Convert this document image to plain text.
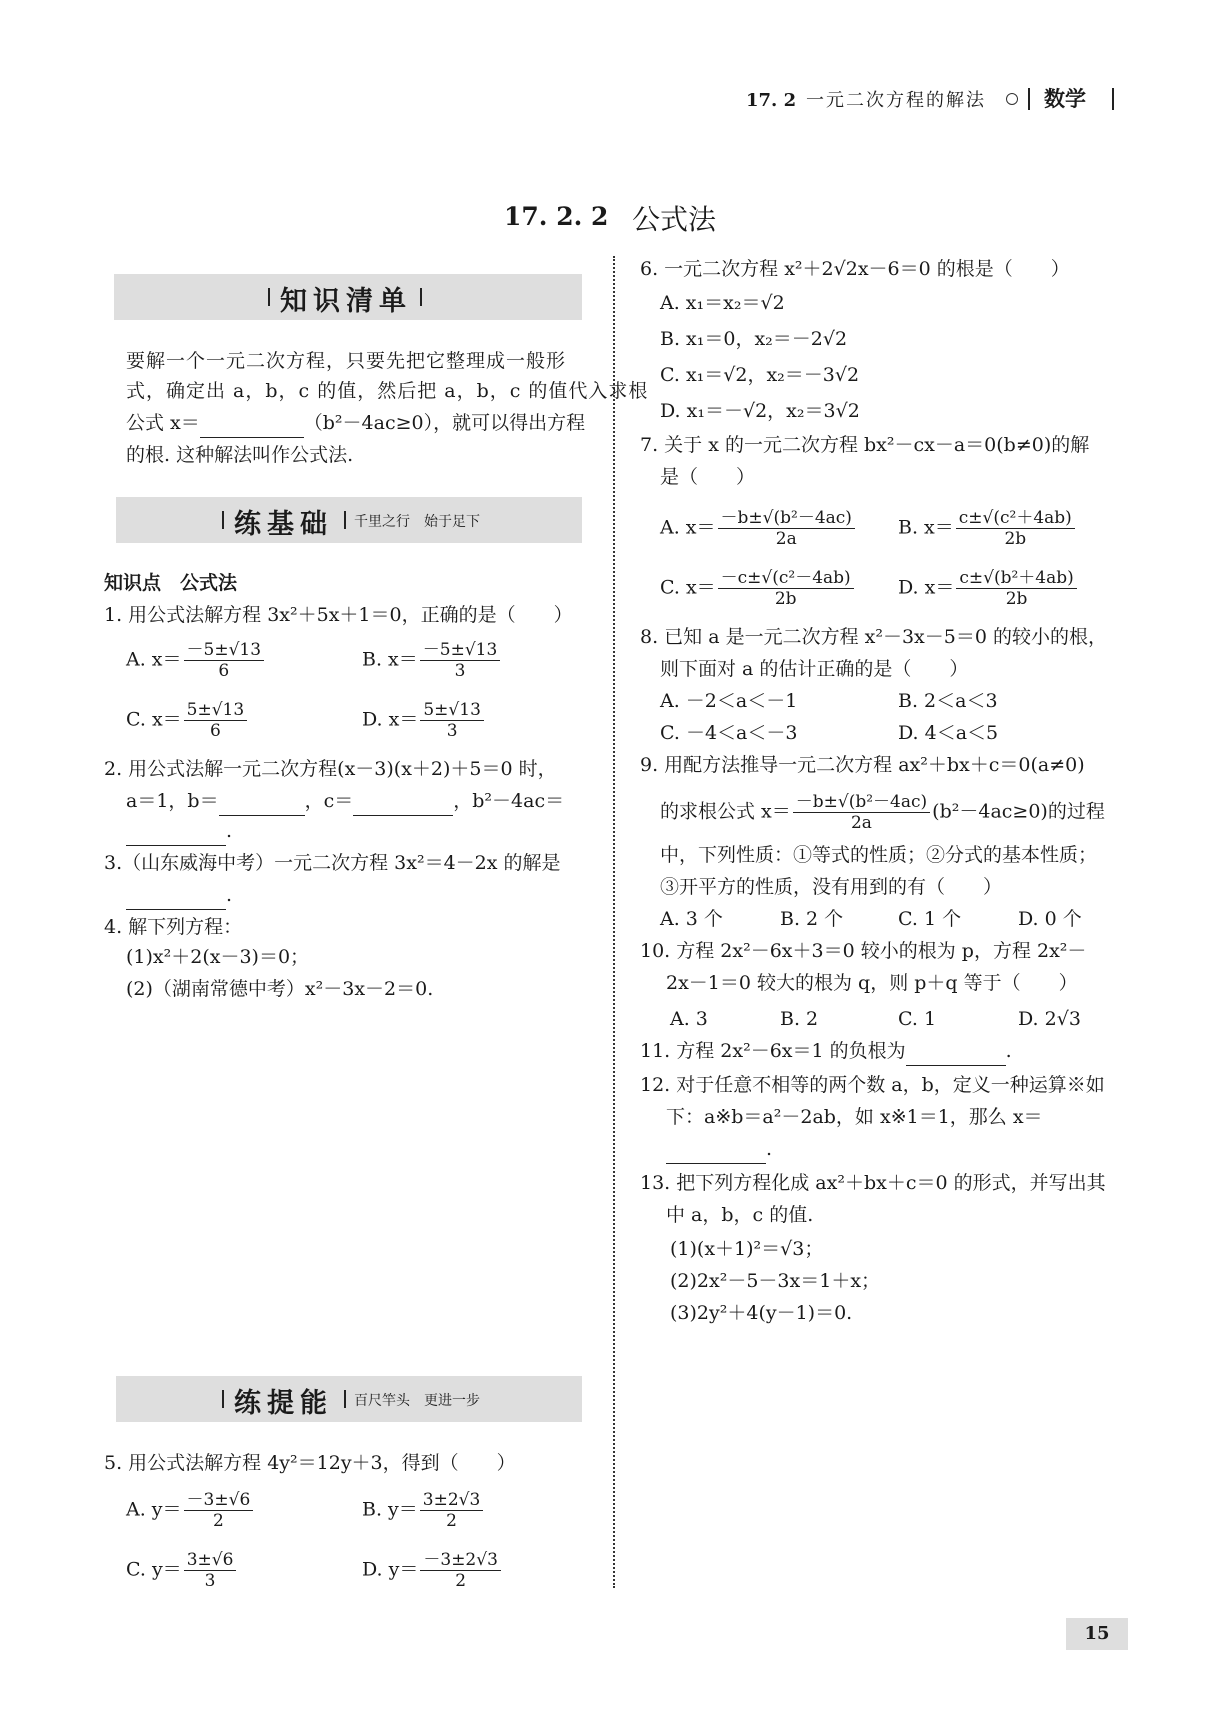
17. 2 一元二次方程的解法	数学
17. 2. 2 公式法
知识清单
要解一个一元二次方程，只要先把它整理成一般形
式，确定出 a，b，c 的值，然后把 a，b，c 的值代入求根
公式 x＝	（b²－4ac≥0），就可以得出方程
的根. 这种解法叫作公式法.
练基础 千里之行　始于足下
知识点　公式法
1. 用公式法解方程 3x²＋5x＋1＝0，正确的是（　　）
A. $x= \frac{-5\pm√13}{6}$	B. $x= \frac{-5\pm√13}{3}$
C. $x= \frac{5\pm√13}{6}$	D. $x= \frac{5\pm√13}{3}$
2. 用公式法解一元二次方程(x－3)(x＋2)＋5＝0 时，
a＝1，b＝	，c＝	，b²－4ac＝
.
3.（山东威海中考）一元二次方程 3x²＝4－2x 的解是
.
4. 解下列方程：
(1)x²＋2(x－3)＝0；
(2)（湖南常德中考）x²－3x－2＝0.
练提能 百尺竿头　更进一步
5. 用公式法解方程 4y²＝12y＋3，得到（　　）
A. $y= \frac{-3\pm√6}{2}$	B. $y= \frac{3\pm 2√3}{2}$
C. $y= \frac{3\pm√6}{3}$	D. $y= \frac{-3\pm 2√3}{2}$
6. 一元二次方程 x²＋2√2x－6＝0 的根是（　　）
A. x₁＝x₂＝√2
B. x₁＝0，x₂＝－2√2
C. x₁＝√2，x₂＝－3√2
D. x₁＝－√2，x₂＝3√2
7. 关于 x 的一元二次方程 bx²－cx－a＝0(b≠0)的解
是（　　）
A. $x= \frac{\text{－b±√(b²－4ac)}}{2a} B$. $x= \frac{\text{c±√(c²＋4ab)}}{2b}$
C. $x= \frac{\text{－c±√(c²－4ab)}}{2b} D$. $x= \frac{\text{c±√(b²＋4ab)}}{2b}$
8. 已知 a 是一元二次方程 x²－3x－5＝0 的较小的根，
则下面对 a 的估计正确的是（　　）
A. －2＜a＜－1	B. 2＜a＜3
C. －4＜a＜－3	D. 4＜a＜5
9. 用配方法推导一元二次方程 ax²＋bx＋c＝0(a≠0)
的求根公式 $x= \frac{\text{－b±√(b²－4ac)}}{2a} (b^2-4ac\ge 0)$的过程
中，下列性质：①等式的性质；②分式的基本性质；
③开平方的性质，没有用到的有（　　）
A. 3 个	B. 2 个	C. 1 个	D. 0 个
10. 方程 2x²－6x＋3＝0 较小的根为 p，方程 2x²－
2x－1＝0 较大的根为 q，则 p＋q 等于（　　）
A. 3	B. 2	C. 1	D. 2√3
11. 方程 2x²－6x＝1 的负根为	.
12. 对于任意不相等的两个数 a，b，定义一种运算※如
下：a※b＝a²－2ab，如 x※1＝1，那么 x＝
.
13. 把下列方程化成 ax²＋bx＋c＝0 的形式，并写出其
中 a，b，c 的值.
(1)(x＋1)²＝√3；
(2)2x²－5－3x＝1＋x；
(3)2y²＋4(y－1)＝0.
15
